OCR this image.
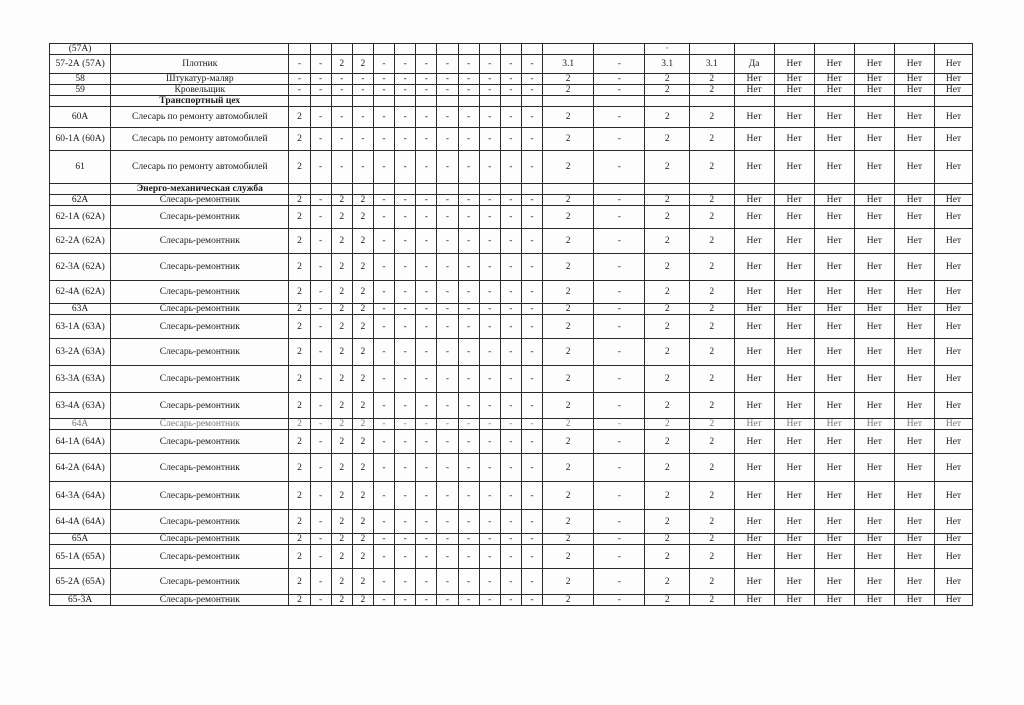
(57A)																·							
57-2А (57А)	Плотник	-	-	2	2	-	-	-	-	-	-	-	-	3.1	-	3.1	3.1	Да	Нет	Нет	Нет	Нет	Нет
58	Штукатур-маляр	-	-	-	-	-	-	-	-	-	-	-	-	2	-	2	2	Нет	Нет	Нет	Нет	Нет	Нет
59	Кровельщик	-	-	-	-	-	-	-	-	-	-	-	-	2	-	2	2	Нет	Нет	Нет	Нет	Нет	Нет
	Транспортный цех																						
60А	Слесарь по ремонту автомобилей	2	-	-	-	-	-	-	-	-	-	-	-	2	-	2	2	Нет	Нет	Нет	Нет	Нет	Нет
60-1А (60А)	Слесарь по ремонту автомобилей	2	-	-	-	-	-	-	-	-	-	-	-	2	-	2	2	Нет	Нет	Нет	Нет	Нет	Нет
61	Слесарь по ремонту автомобилей	2	-	-	-	-	-	-	-	-	-	-	-	2	-	2	2	Нет	Нет	Нет	Нет	Нет	Нет
	Энерго-механическая служба																						
62А	Слесарь-ремонтник	2	-	2	2	-	-	-	-	-	-	-	-	2	-	2	2	Нет	Нет	Нет	Нет	Нет	Нет
62-1А (62А)	Слесарь-ремонтник	2	-	2	2	-	-	-	-	-	-	-	-	2	-	2	2	Нет	Нет	Нет	Нет	Нет	Нет
62-2А (62А)	Слесарь-ремонтник	2	-	2	2	-	-	-	-	-	-	-	-	2	-	2	2	Нет	Нет	Нет	Нет	Нет	Нет
62-3А (62А)	Слесарь-ремонтник	2	-	2	2	-	-	-	-	-	-	-	-	2	-	2	2	Нет	Нет	Нет	Нет	Нет	Нет
62-4А (62А)	Слесарь-ремонтник	2	-	2	2	-	-	-	-	-	-	-	-	2	-	2	2	Нет	Нет	Нет	Нет	Нет	Нет
63А	Слесарь-ремонтник	2	-	2	2	-	-	-	-	-	-	-	-	2	-	2	2	Нет	Нет	Нет	Нет	Нет	Нет
63-1А (63А)	Слесарь-ремонтник	2	-	2	2	-	-	-	-	-	-	-	-	2	-	2	2	Нет	Нет	Нет	Нет	Нет	Нет
63-2А (63А)	Слесарь-ремонтник	2	-	2	2	-	-	-	-	-	-	-	-	2	-	2	2	Нет	Нет	Нет	Нет	Нет	Нет
63-3А (63А)	Слесарь-ремонтник	2	-	2	2	-	-	-	-	-	-	-	-	2	-	2	2	Нет	Нет	Нет	Нет	Нет	Нет
63-4А (63А)	Слесарь-ремонтник	2	-	2	2	-	-	-	-	-	-	-	-	2	-	2	2	Нет	Нет	Нет	Нет	Нет	Нет
64А	Слесарь-ремонтник	2	-	2	2	-	-	-	-	-	-	-	-	2	-	2	2	Нет	Нет	Нет	Нет	Нет	Нет
64-1А (64А)	Слесарь-ремонтник	2	-	2	2	-	-	-	-	-	-	-	-	2	-	2	2	Нет	Нет	Нет	Нет	Нет	Нет
64-2А (64А)	Слесарь-ремонтник	2	-	2	2	-	-	-	-	-	-	-	-	2	-	2	2	Нет	Нет	Нет	Нет	Нет	Нет
64-3А (64А)	Слесарь-ремонтник	2	-	2	2	-	-	-	-	-	-	-	-	2	-	2	2	Нет	Нет	Нет	Нет	Нет	Нет
64-4А (64А)	Слесарь-ремонтник	2	-	2	2	-	-	-	-	-	-	-	-	2	-	2	2	Нет	Нет	Нет	Нет	Нет	Нет
65А	Слесарь-ремонтник	2	-	2	2	-	-	-	-	-	-	-	-	2	-	2	2	Нет	Нет	Нет	Нет	Нет	Нет
65-1А (65А)	Слесарь-ремонтник	2	-	2	2	-	-	-	-	-	-	-	-	2	-	2	2	Нет	Нет	Нет	Нет	Нет	Нет
65-2А (65А)	Слесарь-ремонтник	2	-	2	2	-	-	-	-	-	-	-	-	2	-	2	2	Нет	Нет	Нет	Нет	Нет	Нет
65-3А	Слесарь-ремонтник	2	-	2	2	-	-	-	-	-	-	-	-	2	-	2	2	Нет	Нет	Нет	Нет	Нет	Нет
